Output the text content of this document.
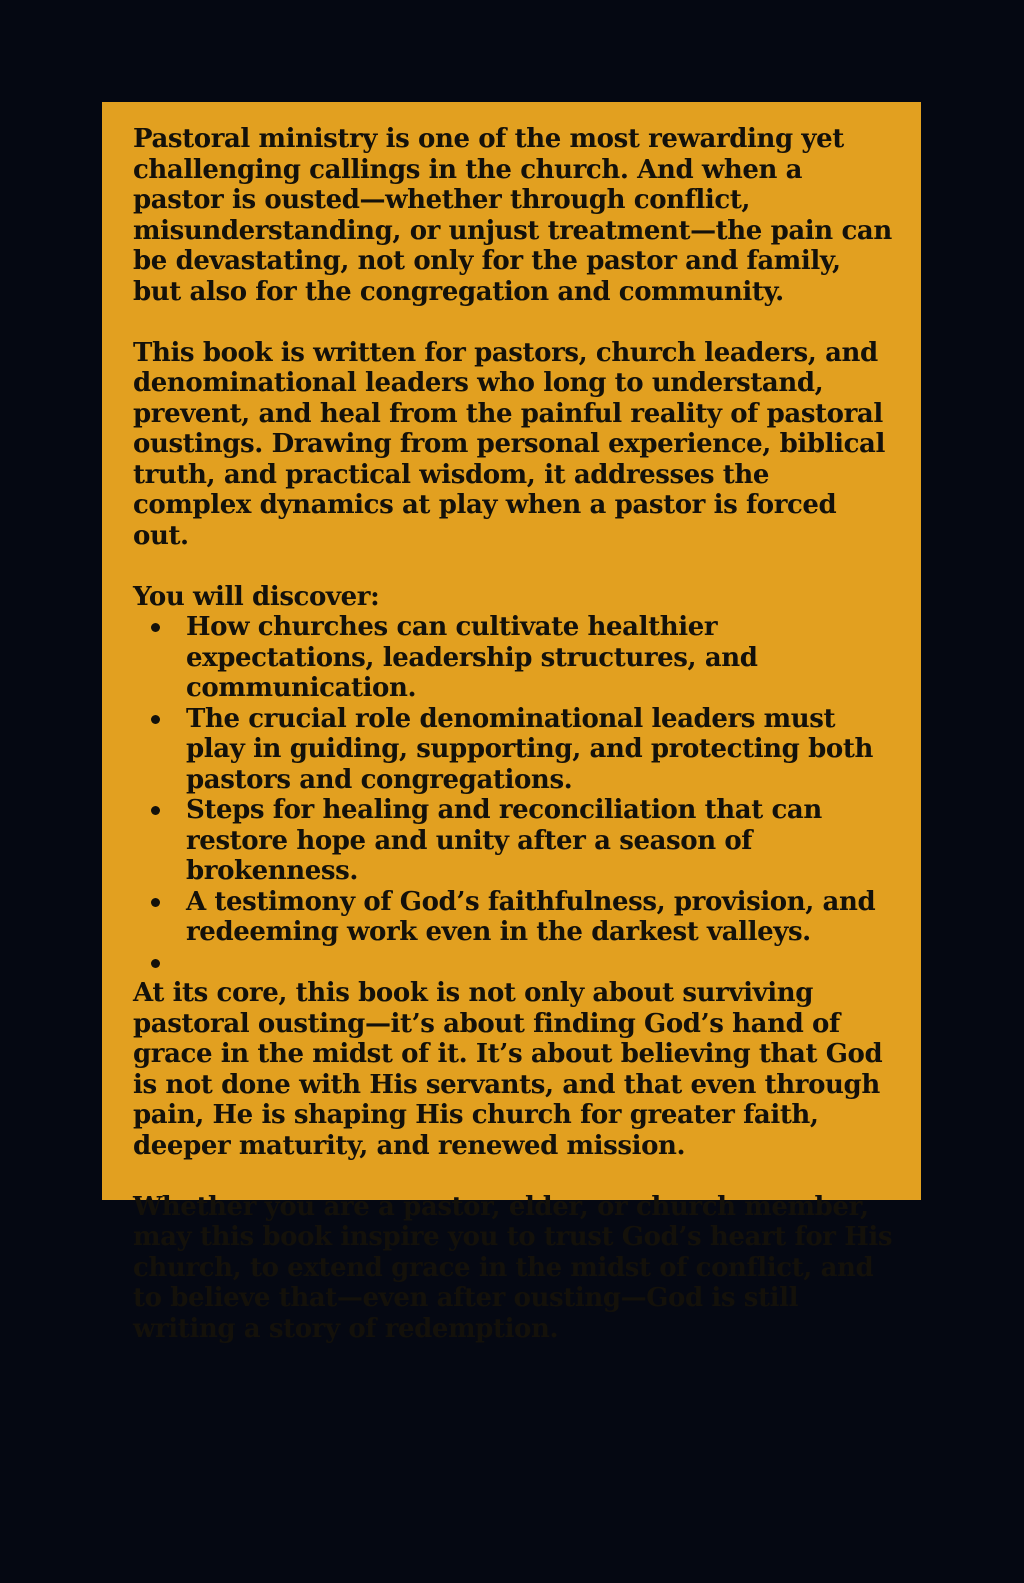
Pastoral ministry is one of the most rewarding yet challenging callings in the church. And when a pastor is ousted—whether through conflict, misunderstanding, or unjust treatment—the pain can be devastating, not only for the pastor and family, but also for the congregation and community.

This book is written for pastors, church leaders, and denominational leaders who long to understand, prevent, and heal from the painful reality of pastoral oustings. Drawing from personal experience, biblical truth, and practical wisdom, it addresses the complex dynamics at play when a pastor is forced out.

You will discover:

How churches can cultivate healthier expectations, leadership structures, and communication.
The crucial role denominational leaders must play in guiding, supporting, and protecting both pastors and congregations.
Steps for healing and reconciliation that can restore hope and unity after a season of brokenness.
A testimony of God’s faithfulness, provision, and redeeming work even in the darkest valleys.

At its core, this book is not only about surviving pastoral ousting—it’s about finding God’s hand of grace in the midst of it. It’s about believing that God is not done with His servants, and that even through pain, He is shaping His church for greater faith, deeper maturity, and renewed mission.

Whether you are a pastor, elder, or church member, may this book inspire you to trust God’s heart for His church, to extend grace in the midst of conflict, and to believe that—even after ousting—God is still writing a story of redemption.
